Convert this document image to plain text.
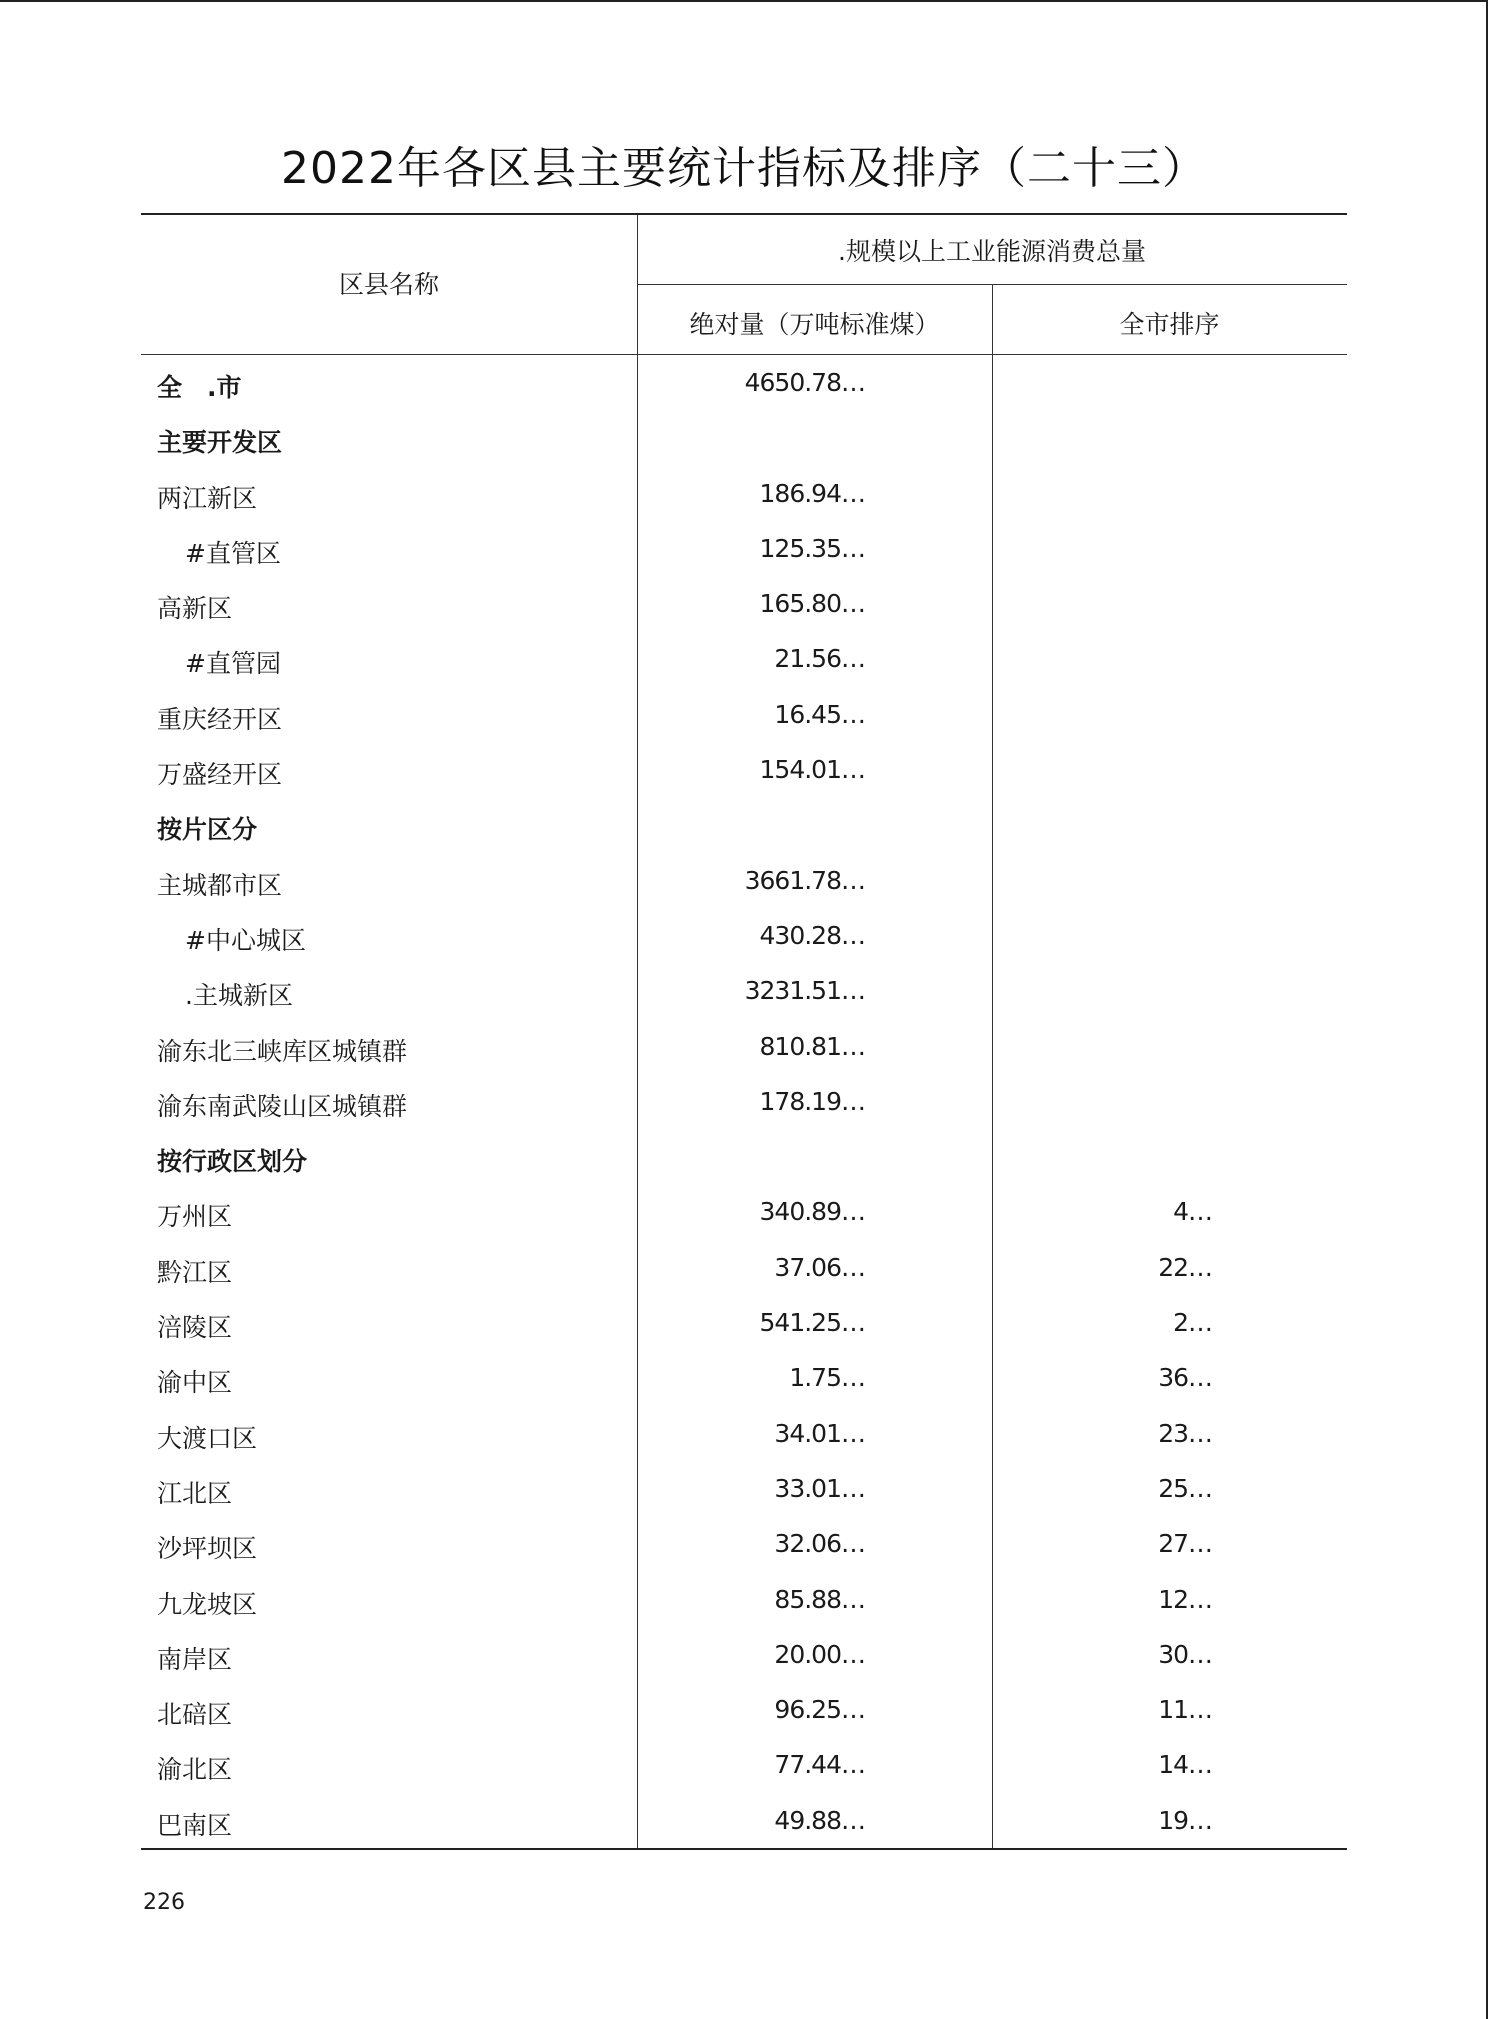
2022年各区县主要统计指标及排序（二十三）
区县名称
.规模以上工业能源消费总量
绝对量（万吨标准煤）	全市排序
全　.市	4650.78…
主要开发区
两江新区	186.94…
#直管区	125.35…
高新区	165.80…
#直管园	21.56…
重庆经开区	16.45…
万盛经开区	154.01…
按片区分
主城都市区	3661.78…
#中心城区	430.28…
.主城新区	3231.51…
渝东北三峡库区城镇群	810.81…
渝东南武陵山区城镇群	178.19…
按行政区划分
万州区	340.89…	4…
黔江区	37.06…	22…
涪陵区	541.25…	2…
渝中区	1.75…	36…
大渡口区	34.01…	23…
江北区	33.01…	25…
沙坪坝区	32.06…	27…
九龙坡区	85.88…	12…
南岸区	20.00…	30…
北碚区	96.25…	11…
渝北区	77.44…	14…
巴南区	49.88…	19…
226
